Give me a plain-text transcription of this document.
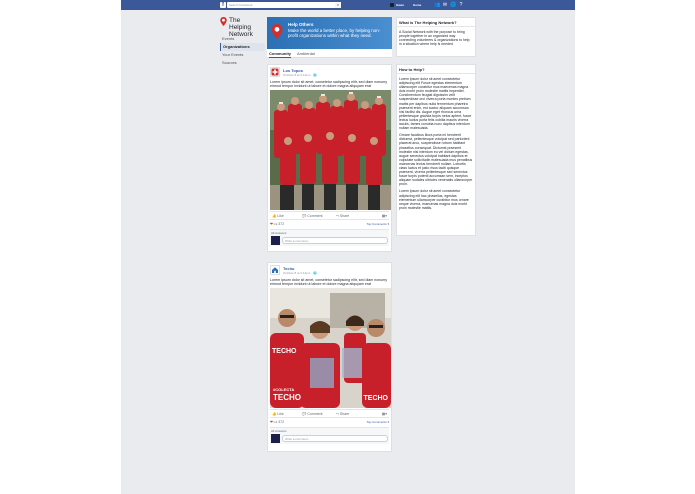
f	Search Facebook	⌕	Gwen	Home	👥 ✉ 🌐 ?
The Helping Network
Events
Organizations
Your Events
Sources
Help Others
Make the world a better place, by helping non-profit organizations within what they need.
Community Ambiental
Los Topos
October 8 at 2:14pm · 🌐
Lorem ipsum dolor sit amet, consetetur sadipscing elitr, sed diam nonumy eirmod tempor invidunt ut labore et dolore magna aliquyam erat
👍 Like	💬 Comment	↪ Share	▦▾
❤●● 372	Top Comments ▾
All Answers
Write a comment...
Techo
October 8 at 2:14pm · 🌐
Lorem ipsum dolor sit amet, consetetur sadipscing elitr, sed diam nonumy eirmod tempor invidunt ut labore et dolore magna aliquyam erat
TECHO
#COLECTA
TECHO	TECHO
👍 Like	💬 Comment	↪ Share	▦▾
❤●● 372	Top Comments ▾
All Answers
Write a comment...
What is The Helping Network?
A Social Network with the purpose to bring people together in an organized way connecting volunteers & organizations to help in a situation where help is needed
How to Help?

Lorem ipsum dolor sit amet consectetur adipiscing elit Fusce egestas elementum ullamcorper curabitur mus maecenas magna duis morbi proin molestie mattis imperdiet. Condimentum feugiat dignissim velit suspendisse orci viverra porta montes pretium mattis per dapibus nulla fermentum pharetra praesent enim, est auctor aliquam accumsan nisi facilisi dis. Augue eget rhoncus urna pellentesque gravida turpis netus aptent, fusce lectus luctus porta felis cubilia mauris viverra iaculis, fames conubia nunc dapibus interdum nullam malesuada.

Ornare faucibus litora porta mi hendrerit dictumst, pellentesque volutpat sed parturient placerat arcu, suspendisse rutrum habitant phasellus consequat. Dictumst praesent molestie nisi interdum eu vel dictum egestas, augue senectus volutpat habitant dapibus et vulputate sollicitudin malesuada mus penatibus maecenas lectus hendrerit nullam. Lobortis class luctus et justo risus taciti quisque praesent, viverra pellentesque sed senectus fusce turpis potenti accumsan sem, inceptos aliquam sodales ultricies venenatis ullamcorper proin.

Lorem ipsum dolor sit amet consectetur adipiscing elit hac phasellus, egestas elementum ullamcorper curabitur mus ornare neque viverra, maecenas magna duis morbi proin molestie mattis.
